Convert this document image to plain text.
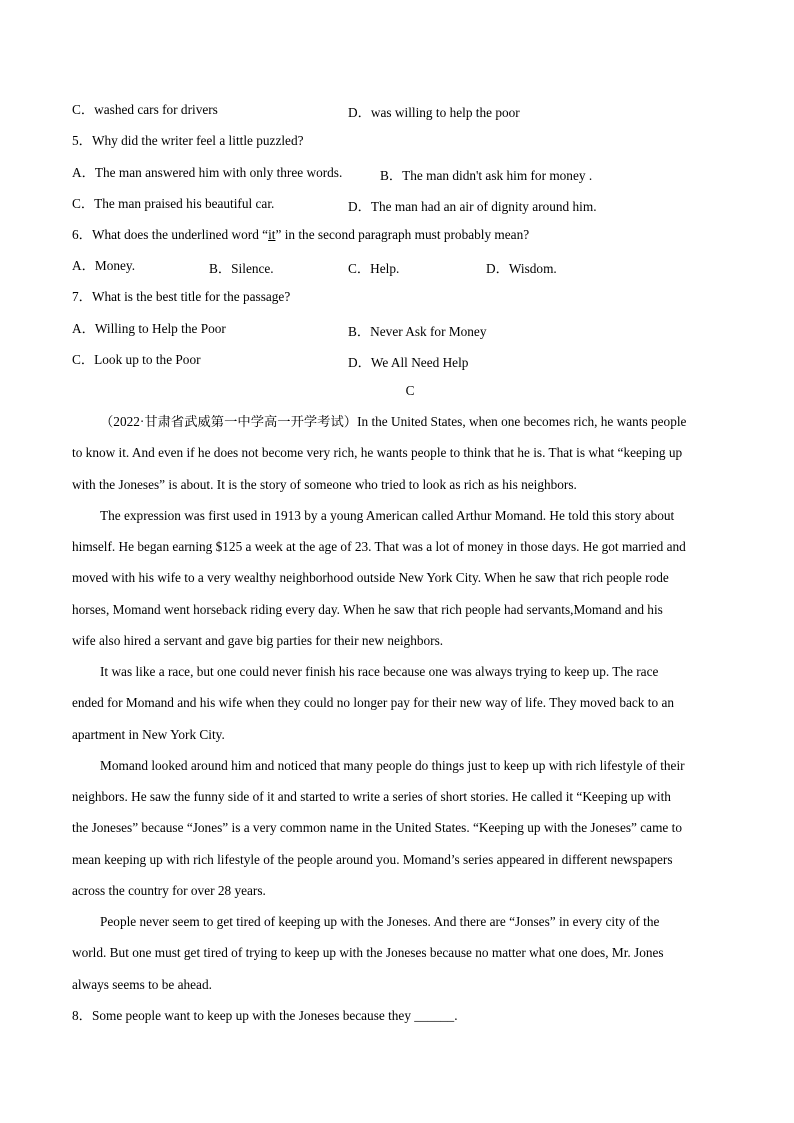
C．washed cars for drivers	D．was willing to help the poor
5．Why did the writer feel a little puzzled?
A．The man answered him with only three words.	B．The man didn't ask him for money .
C．The man praised his beautiful car.	D．The man had an air of dignity around him.
6．What does the underlined word “it” in the second paragraph must probably mean?
A．Money.	B．Silence.	C．Help.	D．Wisdom.
7．What is the best title for the passage?
A．Willing to Help the Poor	B．Never Ask for Money
C．Look up to the Poor	D．We All Need Help
C
（2022·甘肃省武威第一中学高一开学考试）In the United States, when one becomes rich, he wants people
to know it. And even if he does not become very rich, he wants people to think that he is. That is what “keeping up
with the Joneses” is about. It is the story of someone who tried to look as rich as his neighbors.
The expression was first used in 1913 by a young American called Arthur Momand. He told this story about
himself. He began earning $125 a week at the age of 23. That was a lot of money in those days. He got married and
moved with his wife to a very wealthy neighborhood outside New York City. When he saw that rich people rode
horses, Momand went horseback riding every day. When he saw that rich people had servants,Momand and his
wife also hired a servant and gave big parties for their new neighbors.
It was like a race, but one could never finish his race because one was always trying to keep up. The race
ended for Momand and his wife when they could no longer pay for their new way of life. They moved back to an
apartment in New York City.
Momand looked around him and noticed that many people do things just to keep up with rich lifestyle of their
neighbors. He saw the funny side of it and started to write a series of short stories. He called it “Keeping up with
the Joneses” because “Jones” is a very common name in the United States. “Keeping up with the Joneses” came to
mean keeping up with rich lifestyle of the people around you. Momand’s series appeared in different newspapers
across the country for over 28 years.
People never seem to get tired of keeping up with the Joneses. And there are “Jonses” in every city of the
world. But one must get tired of trying to keep up with the Joneses because no matter what one does, Mr. Jones
always seems to be ahead.
8．Some people want to keep up with the Joneses because they ______.
